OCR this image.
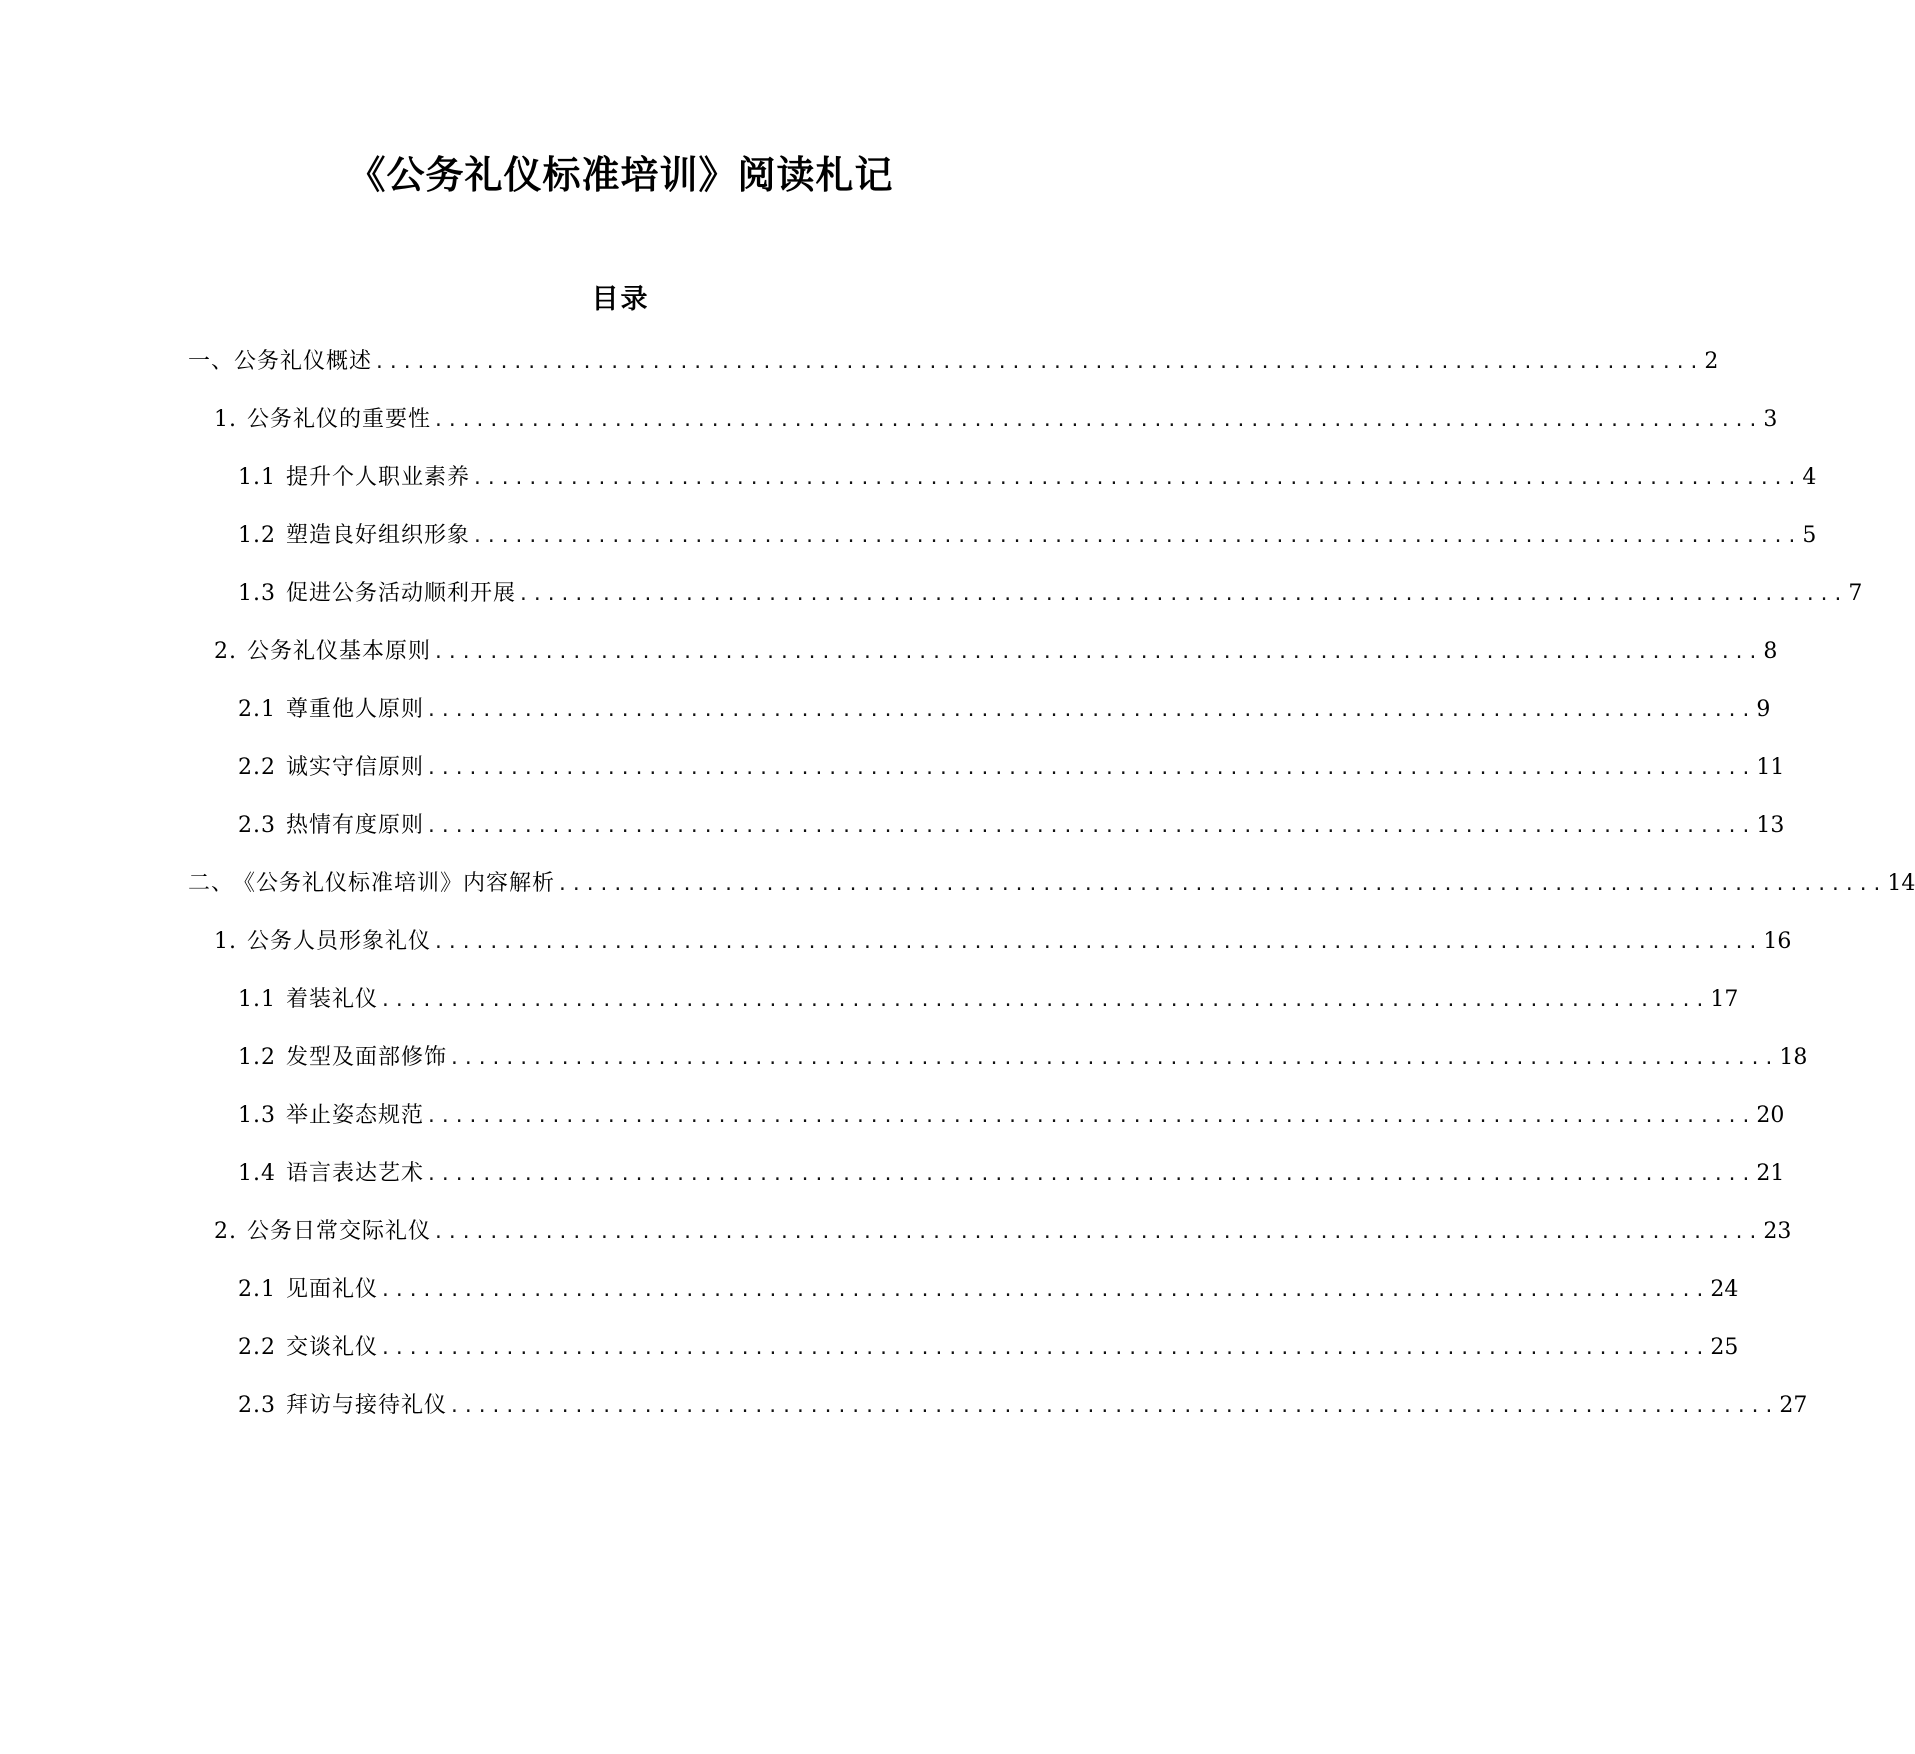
《公务礼仪标准培训》阅读札记
目录
一、公务礼仪概述 ................................................................................................ 2
1. 公务礼仪的重要性 ................................................................................................ 3
1.1 提升个人职业素养 ................................................................................................ 4
1.2 塑造良好组织形象 ................................................................................................ 5
1.3 促进公务活动顺利开展 ................................................................................................ 7
2. 公务礼仪基本原则 ................................................................................................ 8
2.1 尊重他人原则 ................................................................................................ 9
2.2 诚实守信原则 ................................................................................................ 11
2.3 热情有度原则 ................................................................................................ 13
二、 《公务礼仪标准培训》内容解析 ................................................................................................ 14
1. 公务人员形象礼仪 ................................................................................................ 16
1.1 着装礼仪 ................................................................................................ 17
1.2 发型及面部修饰 ................................................................................................ 18
1.3 举止姿态规范 ................................................................................................ 20
1.4 语言表达艺术 ................................................................................................ 21
2. 公务日常交际礼仪 ................................................................................................ 23
2.1 见面礼仪 ................................................................................................ 24
2.2 交谈礼仪 ................................................................................................ 25
2.3 拜访与接待礼仪 ................................................................................................ 27
